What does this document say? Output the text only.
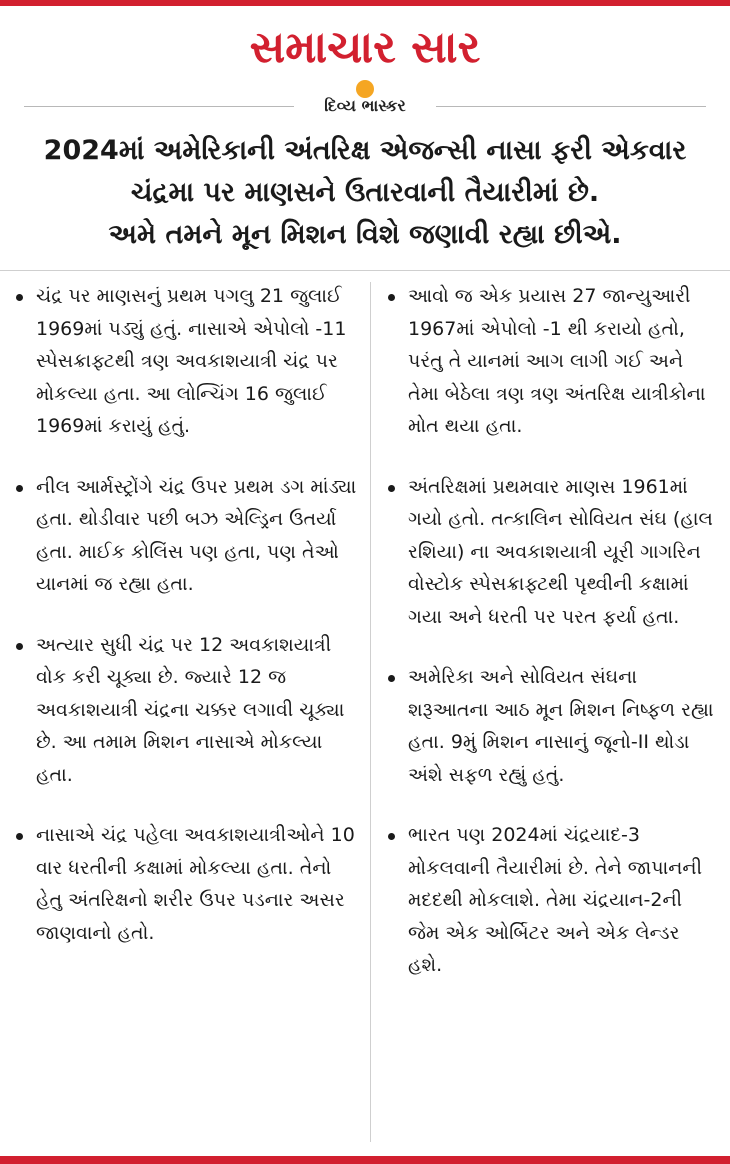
સમાચાર સાર
દિવ્ય ભાસ્કર
2024માં અમેરિકાની અંતરિક્ષ એજન્સી નાસા ફરી એકવાર
ચંદ્રમા પર માણસને ઉતારવાની તૈયારીમાં છે.
અમે તમને મૂન મિશન વિશે જણાવી રહ્યા છીએ.
ચંદ્ર પર માણસનું પ્રથમ પગલુ 21 જુલાઈ 1969માં પડ્યું હતું. નાસાએ એપોલો -11 સ્પેસક્રાફ્ટથી ત્રણ અવકાશયાત્રી ચંદ્ર પર મોકલ્યા હતા. આ લોન્ચિંગ 16 જુલાઈ 1969માં કરાયું હતું.
નીલ આર્મસ્ટ્રોંગે ચંદ્ર ઉપર પ્રથમ ડગ માંડ્યા હતા. થોડીવાર પછી બઝ એલ્ડ્રિન ઉતર્યા હતા. માઈક કોલિંસ પણ હતા, પણ તેઓ યાનમાં જ રહ્યા હતા.
અત્યાર સુધી ચંદ્ર પર 12 અવકાશયાત્રી વોક કરી ચૂક્યા છે. જ્યારે 12 જ અવકાશયાત્રી ચંદ્રના ચક્કર લગાવી ચૂક્યા છે. આ તમામ મિશન નાસાએ મોકલ્યા હતા.
નાસાએ ચંદ્ર પહેલા અવકાશયાત્રીઓને 10 વાર ધરતીની કક્ષામાં મોકલ્યા હતા. તેનો હેતુ અંતરિક્ષનો શરીર ઉપર પડનાર અસર જાણવાનો હતો.
આવો જ એક પ્રયાસ 27 જાન્યુઆરી 1967માં એપોલો -1 થી કરાયો હતો, પરંતુ તે યાનમાં આગ લાગી ગઈ અને તેમા બેઠેલા ત્રણ ત્રણ અંતરિક્ષ યાત્રીકોના મોત થયા હતા.
અંતરિક્ષમાં પ્રથમવાર માણસ 1961માં ગયો હતો. તત્કાલિન સોવિયત સંઘ (હાલ રશિયા) ના અવકાશયાત્રી યૂરી ગાગરિન વોસ્ટોક સ્પેસક્રાફ્ટથી પૃથ્વીની કક્ષામાં ગયા અને ધરતી પર પરત ફર્યા હતા.
અમેરિકા અને સોવિયત સંઘના શરૂઆતના આઠ મૂન મિશન નિષ્ફળ રહ્યા હતા. 9મું મિશન નાસાનું જૂનો-II થોડા અંશે સફળ રહ્યું હતું.
ભારત પણ 2024માં ચંદ્રયાદ-3 મોકલવાની તૈયારીમાં છે. તેને જાપાનની મદદથી મોકલાશે. તેમા ચંદ્રયાન-2ની જેમ એક ઓર્બિટર અને એક લેન્ડર હશે.
